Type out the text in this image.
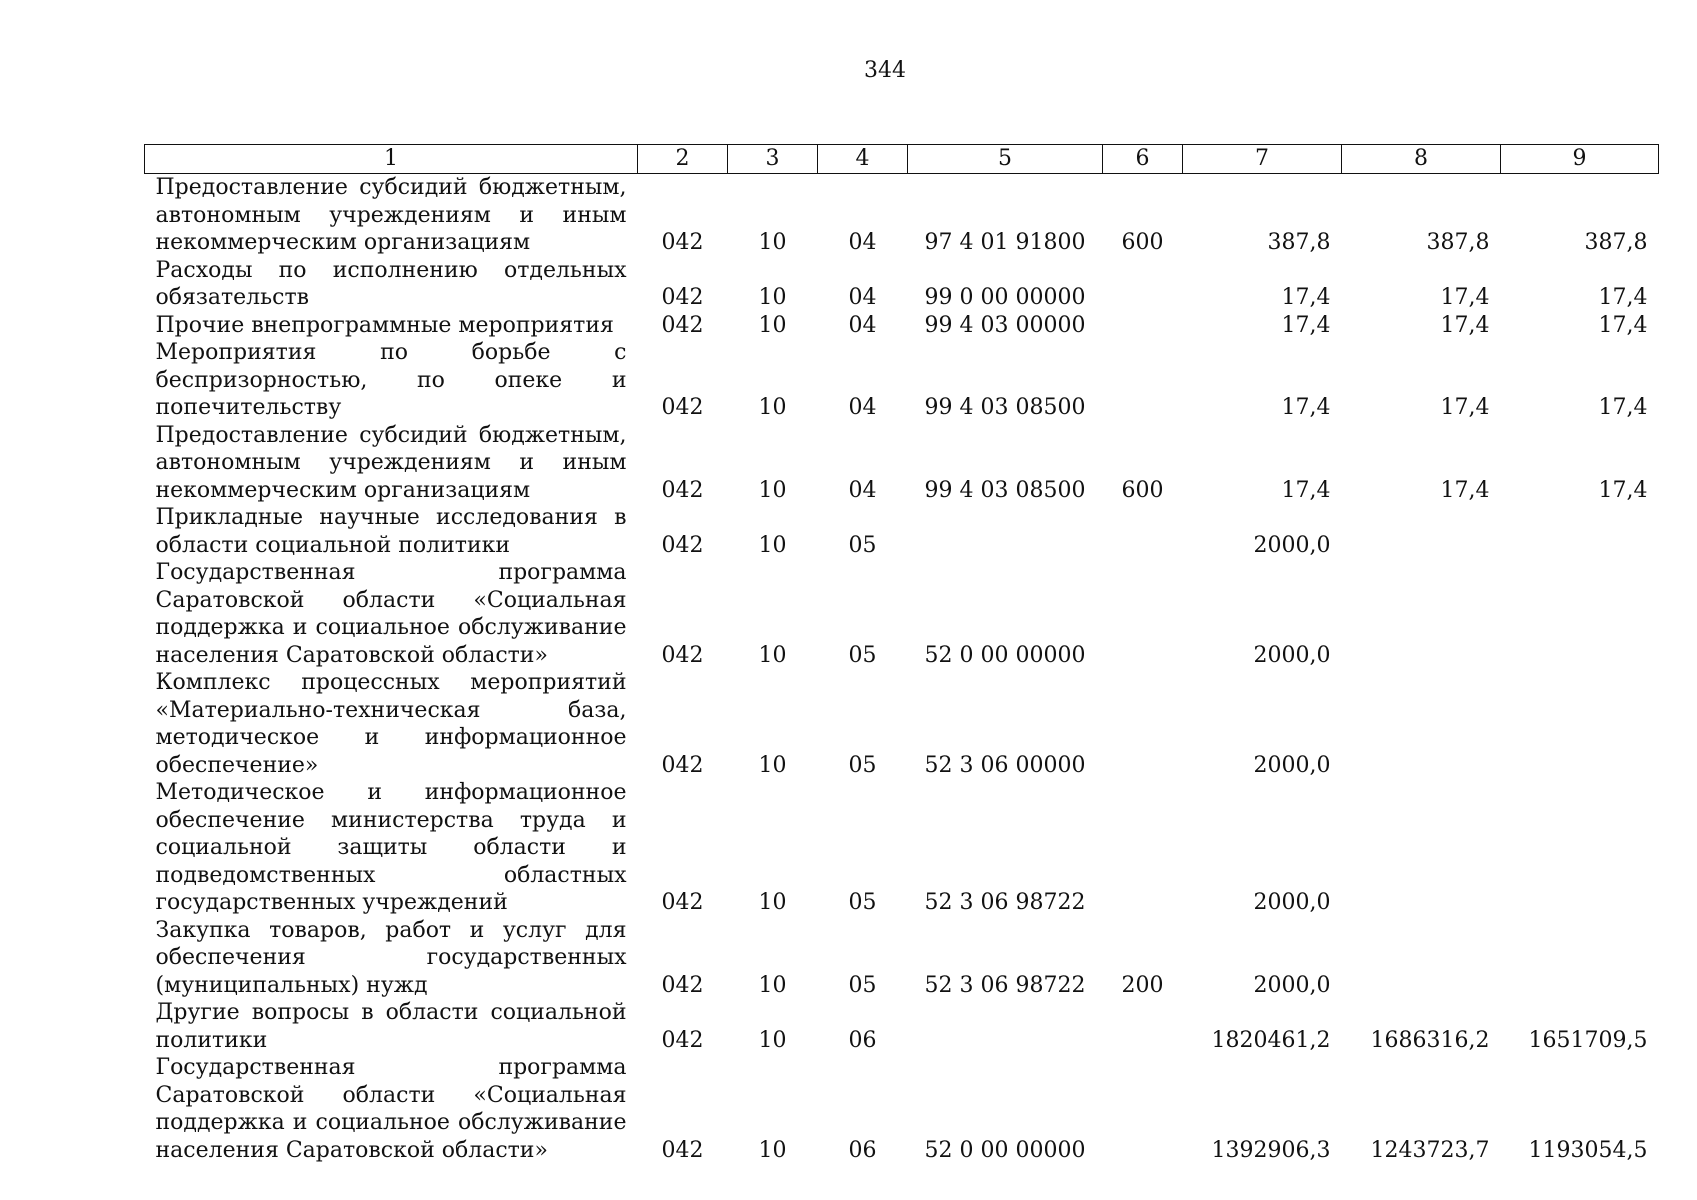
344
1	2	3	4	5	6	7	8	9
Предоставление субсидий бюджетным, автономным учреждениям и иным некоммерческим организациям	042	10	04	97 4 01 91800	600	387,8	387,8	387,8
Расходы по исполнению отдельных обязательств	042	10	04	99 0 00 00000		17,4	17,4	17,4
Прочие внепрограммные мероприятия	042	10	04	99 4 03 00000		17,4	17,4	17,4
Мероприятия по борьбе с беспризорностью, по опеке и попечительству	042	10	04	99 4 03 08500		17,4	17,4	17,4
Предоставление субсидий бюджетным, автономным учреждениям и иным некоммерческим организациям	042	10	04	99 4 03 08500	600	17,4	17,4	17,4
Прикладные научные исследования в области социальной политики	042	10	05			2000,0		
Государственная программа Саратовской области «Социальная поддержка и социальное обслуживание населения Саратовской области»	042	10	05	52 0 00 00000		2000,0		
Комплекс процессных мероприятий «Материально-техническая база, методическое и информационное обеспечение»	042	10	05	52 3 06 00000		2000,0		
Методическое и информационное обеспечение министерства труда и социальной защиты области и подведомственных областных государственных учреждений	042	10	05	52 3 06 98722		2000,0		
Закупка товаров, работ и услуг для обеспечения государственных (муниципальных) нужд	042	10	05	52 3 06 98722	200	2000,0		
Другие вопросы в области социальной политики	042	10	06			1820461,2	1686316,2	1651709,5
Государственная программа Саратовской области «Социальная поддержка и социальное обслуживание населения Саратовской области»	042	10	06	52 0 00 00000		1392906,3	1243723,7	1193054,5
